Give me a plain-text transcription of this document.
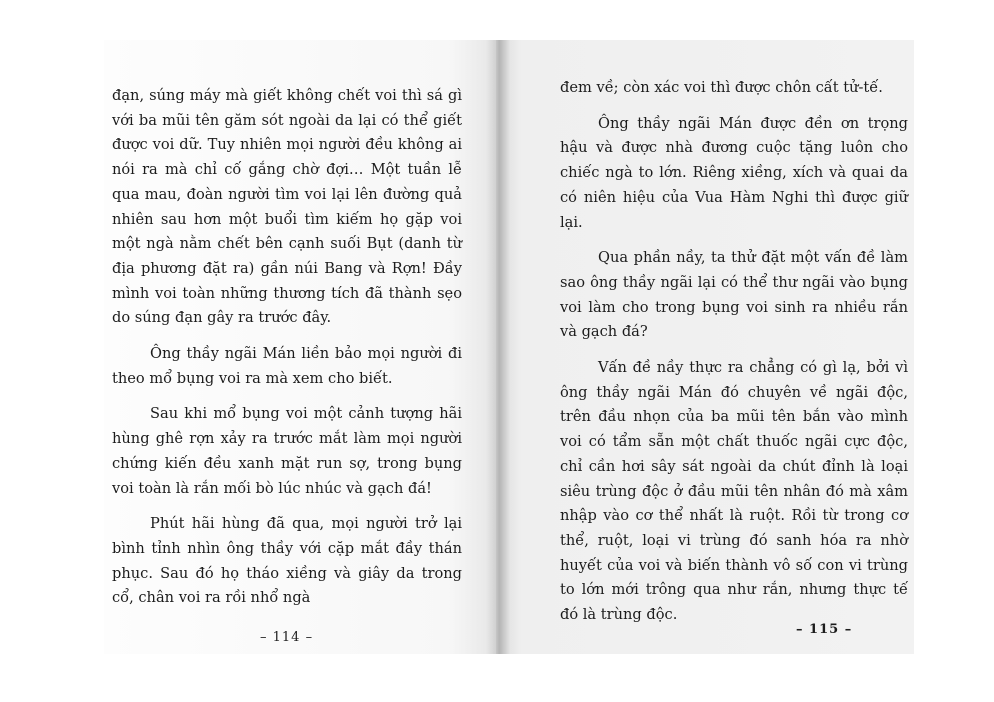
đạn, súng máy mà giết không chết voi thì sá gì với ba mũi tên găm sót ngoài da lại có thể giết được voi dữ. Tuy nhiên mọi người đều không ai nói ra mà chỉ cố gắng chờ đợi… Một tuần lễ qua mau, đoàn người tìm voi lại lên đường quả nhiên sau hơn một buổi tìm kiếm họ gặp voi một ngà nằm chết bên cạnh suối Bụt (danh từ địa phương đặt ra) gần núi Bang và Rợn! Đầy mình voi toàn những thương tích đã thành sẹo do súng đạn gây ra trước đây.

Ông thầy ngãi Mán liền bảo mọi người đi theo mổ bụng voi ra mà xem cho biết.

Sau khi mổ bụng voi một cảnh tượng hãi hùng ghê rợn xảy ra trước mắt làm mọi người chứng kiến đều xanh mặt run sợ, trong bụng voi toàn là rắn mối bò lúc nhúc và gạch đá!

Phút hãi hùng đã qua, mọi người trở lại bình tỉnh nhìn ông thầy với cặp mắt đầy thán phục. Sau đó họ tháo xiềng và giây da trong cổ, chân voi ra rồi nhổ ngà

– 114 –

đem về; còn xác voi thì được chôn cất tử-tế.

Ông thầy ngãi Mán được đền ơn trọng hậu và được nhà đương cuộc tặng luôn cho chiếc ngà to lớn. Riêng xiềng, xích và quai da có niên hiệu của Vua Hàm Nghi thì được giữ lại.

Qua phần nầy, ta thử đặt một vấn đề làm sao ông thầy ngãi lại có thể thư ngãi vào bụng voi làm cho trong bụng voi sinh ra nhiều rắn và gạch đá?

Vấn đề nầy thực ra chẳng có gì lạ, bởi vì ông thầy ngãi Mán đó chuyên về ngãi độc, trên đầu nhọn của ba mũi tên bắn vào mình voi có tẩm sẵn một chất thuốc ngãi cực độc, chỉ cần hơi sây sát ngoài da chút đỉnh là loại siêu trùng độc ở đầu mũi tên nhân đó mà xâm nhập vào cơ thể nhất là ruột. Rồi từ trong cơ thể, ruột, loại vi trùng đó sanh hóa ra nhờ huyết của voi và biến thành vô số con vi trùng to lớn mới trông qua như rắn, nhưng thực tế đó là trùng độc.

– 115 –
